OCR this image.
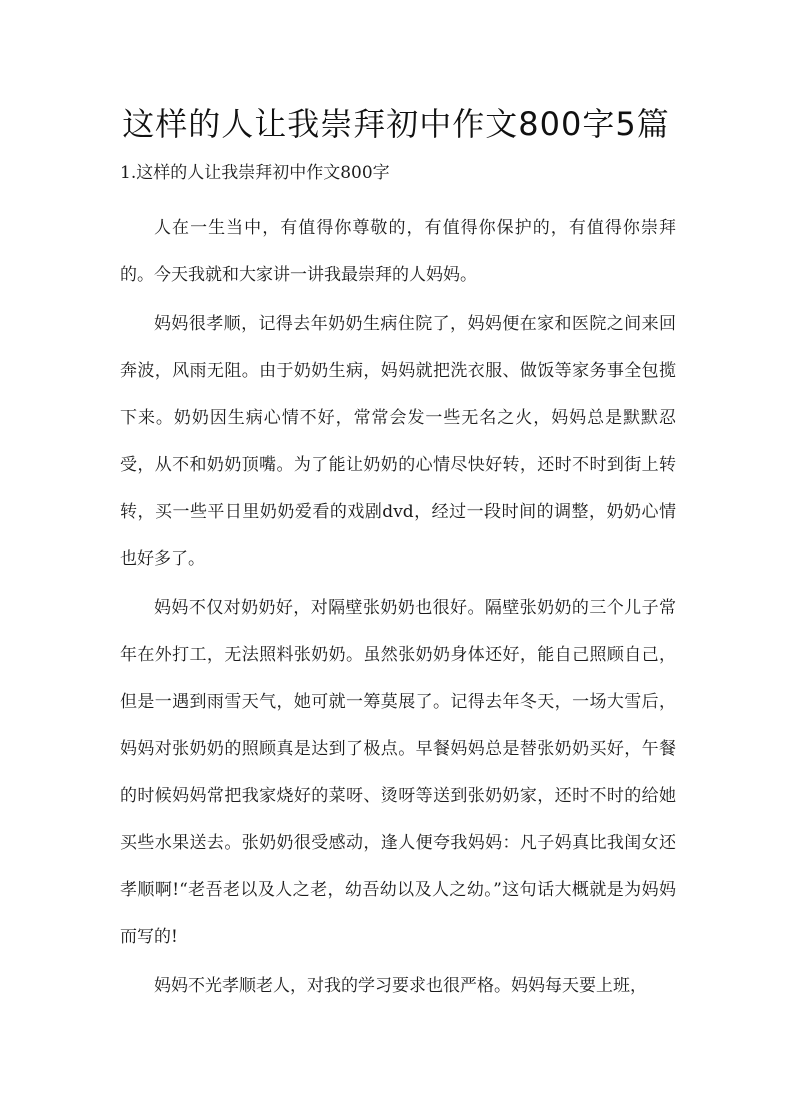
这样的人让我崇拜初中作文800字5篇
1.这样的人让我崇拜初中作文800字

人在一生当中，有值得你尊敬的，有值得你保护的，有值得你崇拜的。今天我就和大家讲一讲我最崇拜的人妈妈。

妈妈很孝顺，记得去年奶奶生病住院了，妈妈便在家和医院之间来回奔波，风雨无阻。由于奶奶生病，妈妈就把洗衣服、做饭等家务事全包揽下来。奶奶因生病心情不好，常常会发一些无名之火，妈妈总是默默忍受，从不和奶奶顶嘴。为了能让奶奶的心情尽快好转，还时不时到街上转转，买一些平日里奶奶爱看的戏剧dvd，经过一段时间的调整，奶奶心情也好多了。

妈妈不仅对奶奶好，对隔壁张奶奶也很好。隔壁张奶奶的三个儿子常年在外打工，无法照料张奶奶。虽然张奶奶身体还好，能自己照顾自己，但是一遇到雨雪天气，她可就一筹莫展了。记得去年冬天，一场大雪后，妈妈对张奶奶的照顾真是达到了极点。早餐妈妈总是替张奶奶买好，午餐的时候妈妈常把我家烧好的菜呀、烫呀等送到张奶奶家，还时不时的给她买些水果送去。张奶奶很受感动，逢人便夸我妈妈：凡子妈真比我闺女还孝顺啊!“老吾老以及人之老，幼吾幼以及人之幼。”这句话大概就是为妈妈而写的!

妈妈不光孝顺老人，对我的学习要求也很严格。妈妈每天要上班，
